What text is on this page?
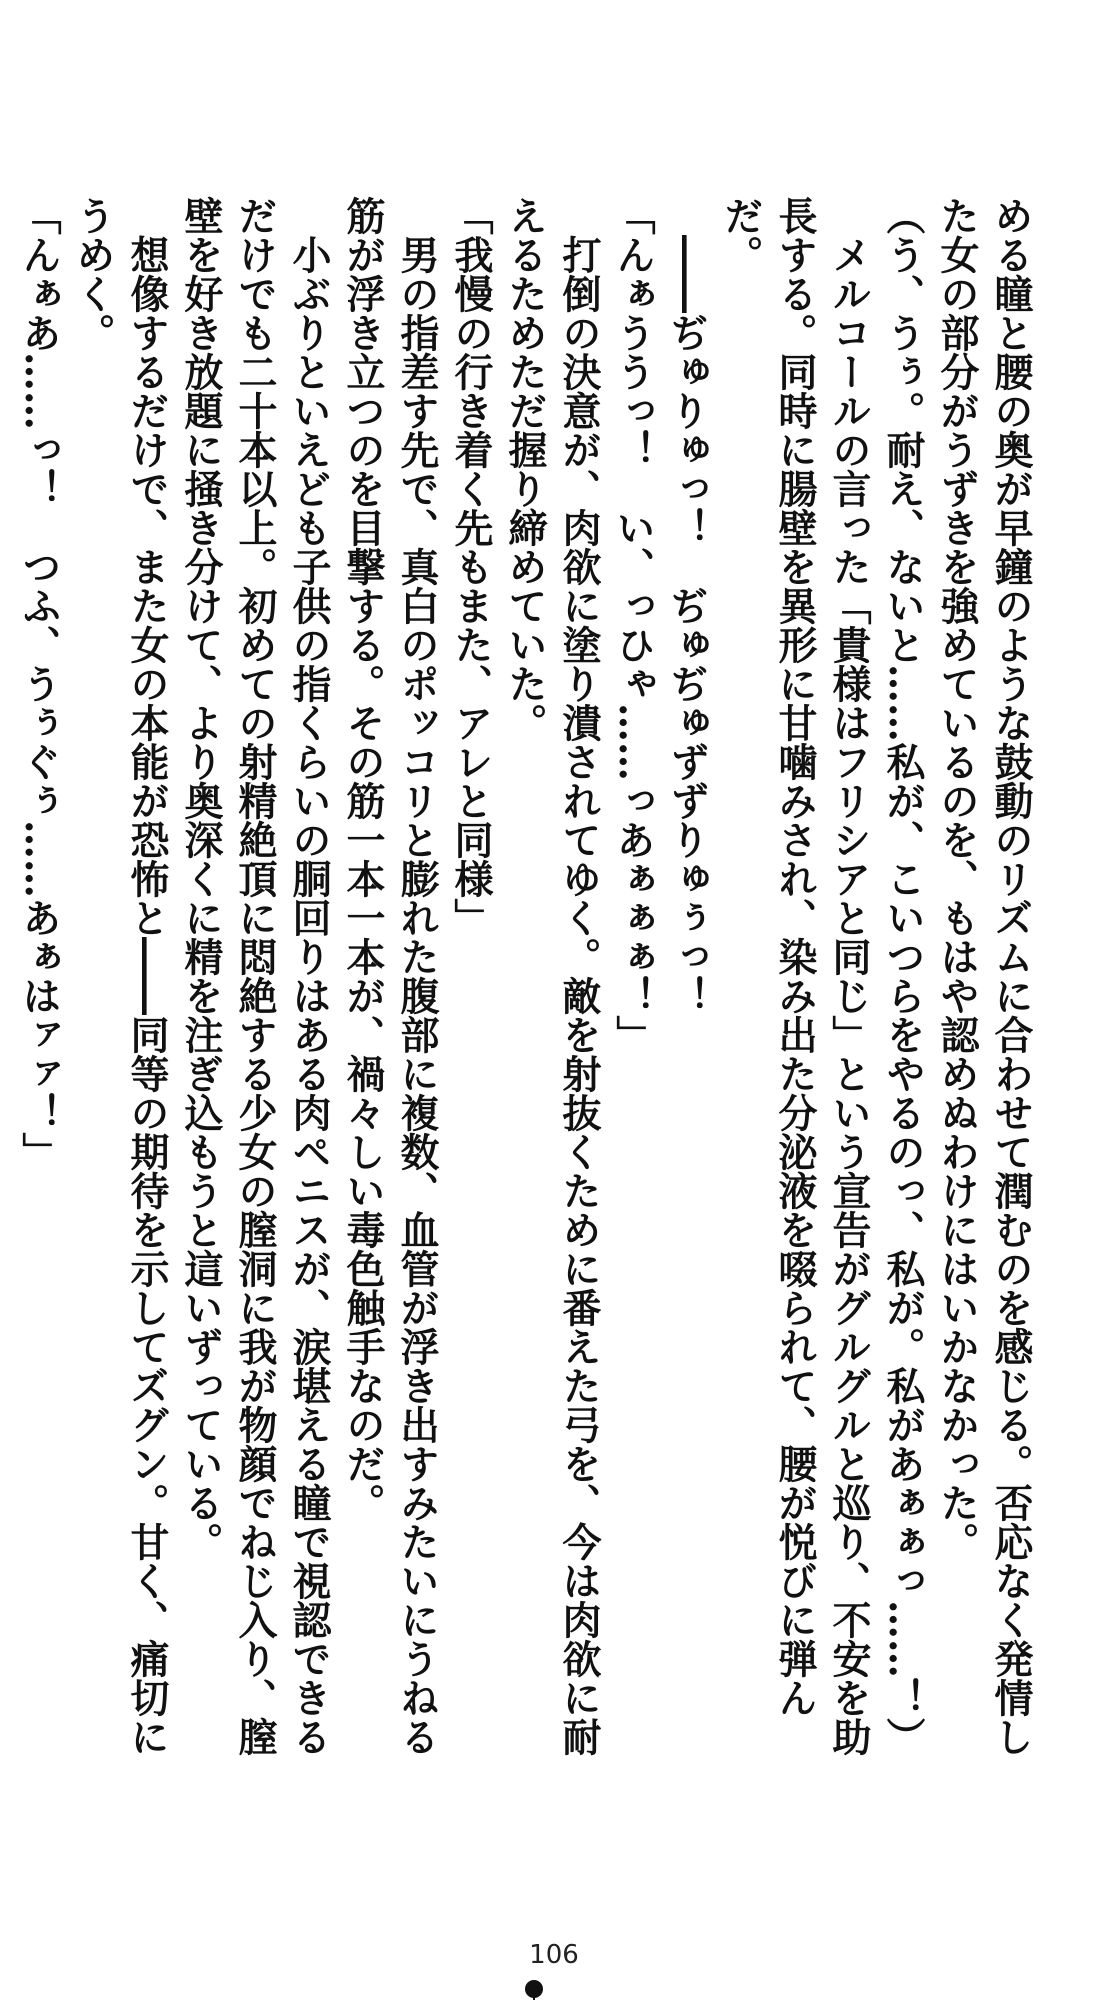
める瞳と腰の奥が早鐘のような鼓動のリズムに合わせて潤むのを感じる。否応なく発情した女の部分がうずきを強めているのを、もはや認めぬわけにはいかなかった。

（う、うぅ。耐え、ないと……私が、こいつらをやるのっ、私が。私があぁぁっ……！）

　メルコールの言った「貴様はフリシアと同じ」という宣告がグルグルと巡り、不安を助長する。同時に腸壁を異形に甘噛みされ、染み出た分泌液を啜られて、腰が悦びに弾んだ。

　――ぢゅりゅっ！　ぢゅぢゅずずりゅぅっ！

「んぁううっ！　い、っひゃ……っあぁぁぁ！」

　打倒の決意が、肉欲に塗り潰されてゆく。敵を射抜くために番えた弓を、今は肉欲に耐えるためただ握り締めていた。

「我慢の行き着く先もまた、アレと同様」

　男の指差す先で、真白のポッコリと膨れた腹部に複数、血管が浮き出すみたいにうねる筋が浮き立つのを目撃する。その筋一本一本が、禍々しい毒色触手なのだ。

　小ぶりといえども子供の指くらいの胴回りはある肉ペニスが、涙堪える瞳で視認できるだけでも二十本以上。初めての射精絶頂に悶絶する少女の膣洞に我が物顔でねじ入り、膣壁を好き放題に掻き分けて、より奥深くに精を注ぎ込もうと這いずっている。

　想像するだけで、また女の本能が恐怖と――同等の期待を示してズグン。甘く、痛切にうめく。

「んぁあ……っ！　つふ、うぅぐぅ……あぁはァァ！」

106
